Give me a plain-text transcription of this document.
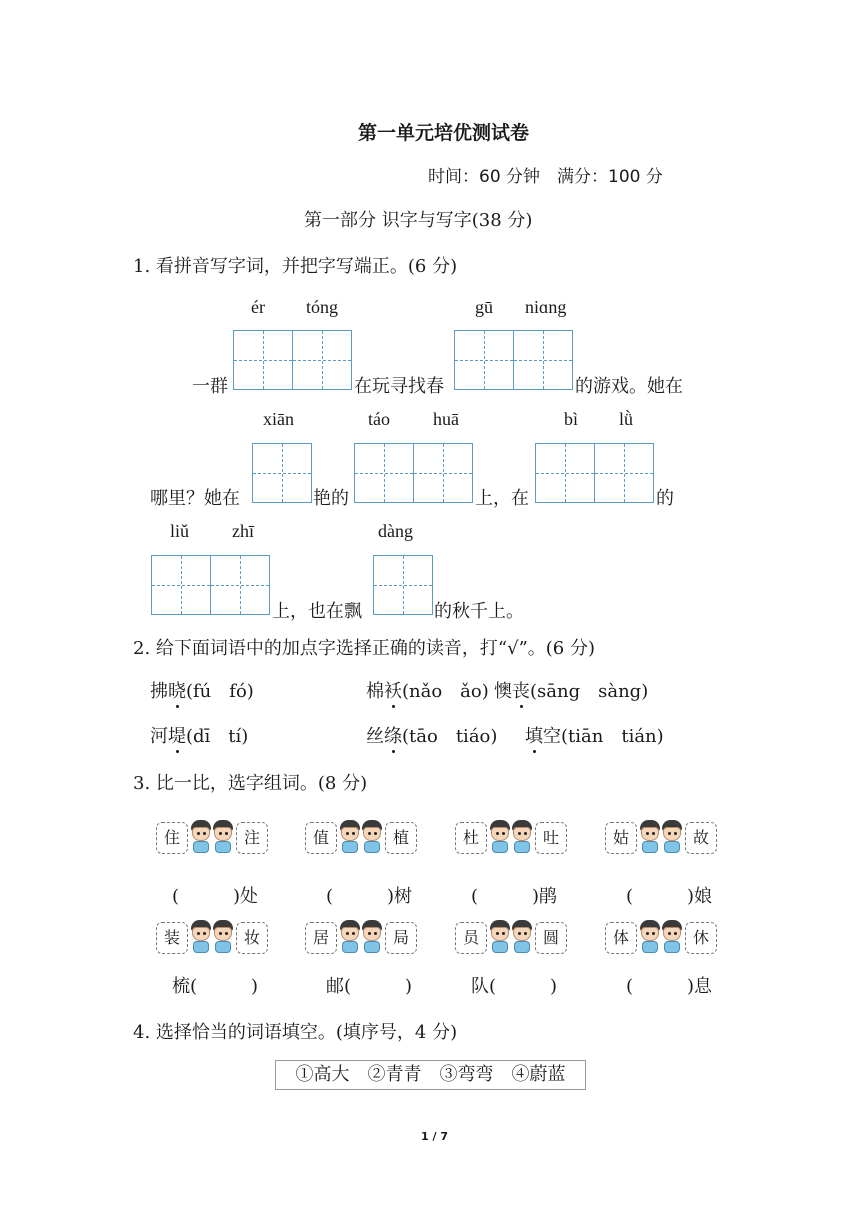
第一单元培优测试卷
时间：60 分钟　满分：100 分
第一部分 识字与写字(38 分)
1. 看拼音写字词，并把字写端正。(6 分)
ér tóng	gū niɑng
一群	在玩寻找春	的游戏。她在
xiān	táo huā	bì lǜ
哪里？她在	艳的	上，在	的
liǔ zhī	dàng
上，也在飘	的秋千上。
2. 给下面词语中的加点字选择正确的读音，打“√”。(6 分)
拂晓(fú　fó)	棉袄(nǎo　ǎo) 懊丧(sāng　sàng)
河堤(dī　tí)	丝绦(tāo　tiáo) 填空(tiān　tián)
3. 比一比，选字组词。(8 分)
住	注	值	植	杜	吐	姑	故
(　　　)处	(　　　)树	(　　　)鹃	(　　　)娘
装	妆	居	局	员	圆	体	休
梳(　　　)	邮(　　　)	队(　　　)	(　　　)息
4. 选择恰当的词语填空。(填序号，4 分)
①高大　②青青　③弯弯　④蔚蓝
1 / 7
